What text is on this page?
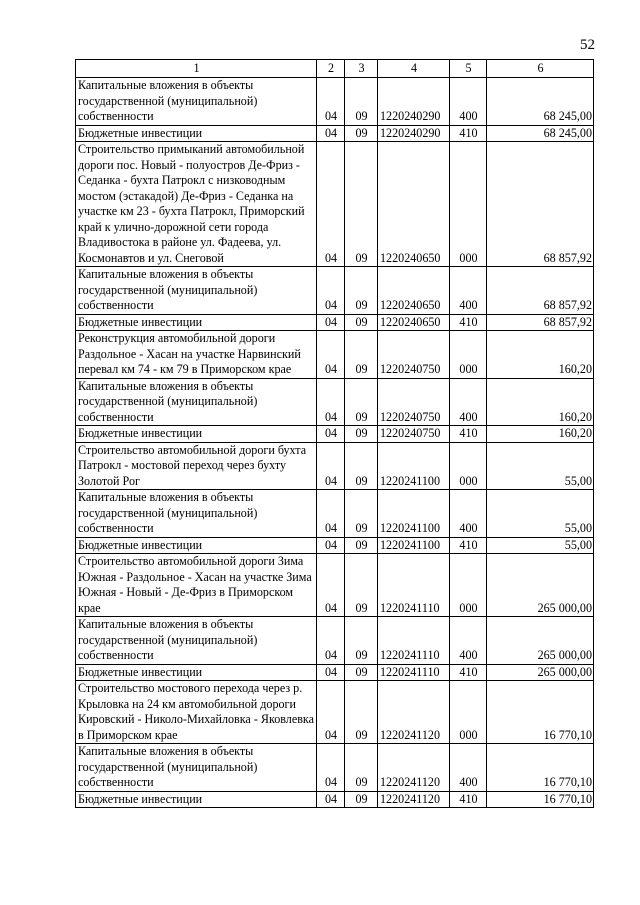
52
1	2	3	4	5	6
Капитальные вложения в объекты государственной (муниципальной) собственности	04	09	1220240290	400	68 245,00
Бюджетные инвестиции	04	09	1220240290	410	68 245,00
Строительство примыканий автомобильной дороги пос. Новый - полуостров Де-Фриз - Седанка - бухта Патрокл с низководным мостом (эстакадой) Де-Фриз - Седанка на участке км 23 - бухта Патрокл, Приморский край к улично-дорожной сети города Владивостока в районе ул. Фадеева, ул. Космонавтов и ул. Снеговой	04	09	1220240650	000	68 857,92
Капитальные вложения в объекты государственной (муниципальной) собственности	04	09	1220240650	400	68 857,92
Бюджетные инвестиции	04	09	1220240650	410	68 857,92
Реконструкция автомобильной дороги Раздольное - Хасан на участке Нарвинский перевал км 74 - км 79 в Приморском крае	04	09	1220240750	000	160,20
Капитальные вложения в объекты государственной (муниципальной) собственности	04	09	1220240750	400	160,20
Бюджетные инвестиции	04	09	1220240750	410	160,20
Строительство автомобильной дороги бухта Патрокл - мостовой переход через бухту Золотой Рог	04	09	1220241100	000	55,00
Капитальные вложения в объекты государственной (муниципальной) собственности	04	09	1220241100	400	55,00
Бюджетные инвестиции	04	09	1220241100	410	55,00
Строительство автомобильной дороги Зима Южная - Раздольное - Хасан на участке Зима Южная - Новый - Де-Фриз в Приморском крае	04	09	1220241110	000	265 000,00
Капитальные вложения в объекты государственной (муниципальной) собственности	04	09	1220241110	400	265 000,00
Бюджетные инвестиции	04	09	1220241110	410	265 000,00
Строительство мостового перехода через р. Крыловка на 24 км автомобильной дороги Кировский - Николо-Михайловка - Яковлевка в Приморском крае	04	09	1220241120	000	16 770,10
Капитальные вложения в объекты государственной (муниципальной) собственности	04	09	1220241120	400	16 770,10
Бюджетные инвестиции	04	09	1220241120	410	16 770,10
